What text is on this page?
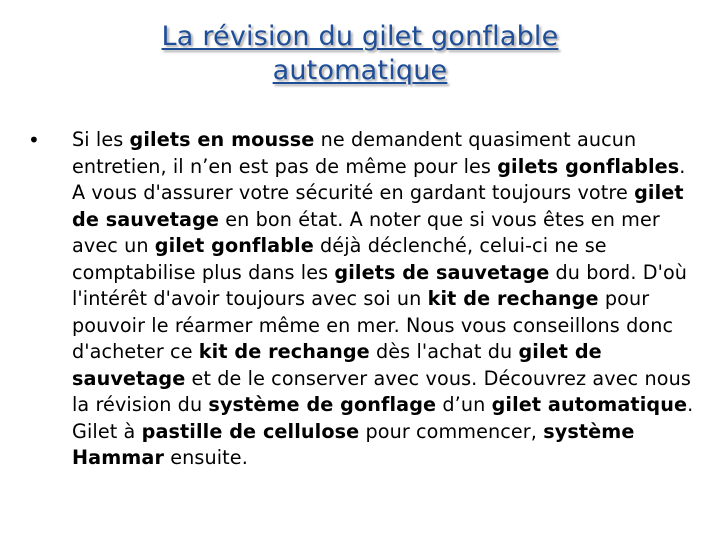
La révision du gilet gonflable
automatique
•	Si les gilets en mousse ne demandent quasiment aucun entretien, il n’en est pas de même pour les gilets gonflables. A vous d'assurer votre sécurité en gardant toujours votre gilet de sauvetage en bon état. A noter que si vous êtes en mer avec un gilet gonflable déjà déclenché, celui-ci ne se comptabilise plus dans les gilets de sauvetage du bord. D'où l'intérêt d'avoir toujours avec soi un kit de rechange pour pouvoir le réarmer même en mer. Nous vous conseillons donc d'acheter ce kit de rechange dès l'achat du gilet de sauvetage et de le conserver avec vous. Découvrez avec nous la révision du système de gonflage d’un gilet automatique. Gilet à pastille de cellulose pour commencer, système Hammar ensuite.
